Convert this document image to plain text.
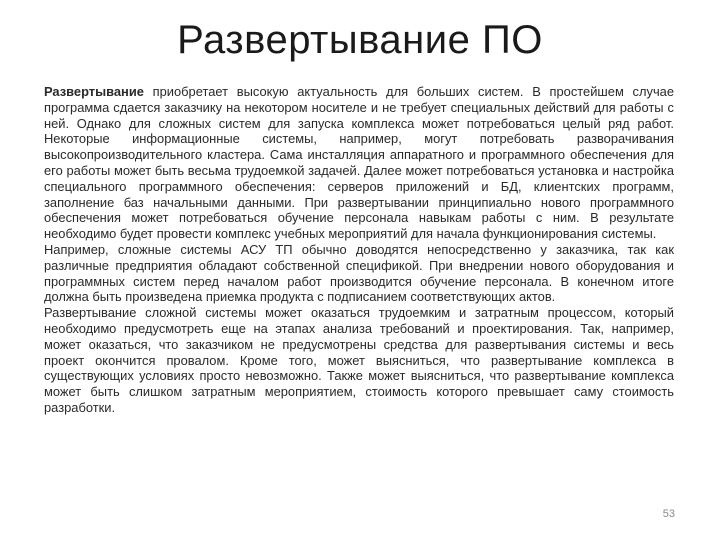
Развертывание ПО

Развертывание приобретает высокую актуальность для больших систем. В простейшем случае программа сдается заказчику на некотором носителе и не требует специальных действий для работы с ней. Однако для сложных систем для запуска комплекса может потребоваться целый ряд работ. Некоторые информационные системы, например, могут потребовать разворачивания высокопроизводительного кластера. Сама инсталляция аппаратного и программного обеспечения для его работы может быть весьма трудоемкой задачей. Далее может потребоваться установка и настройка специального программного обеспечения: серверов приложений и БД, клиентских программ, заполнение баз начальными данными. При развертывании принципиально нового программного обеспечения может потребоваться обучение персонала навыкам работы с ним. В результате необходимо будет провести комплекс учебных мероприятий для начала функционирования системы.

Например, сложные системы АСУ ТП обычно доводятся непосредственно у заказчика, так как различные предприятия обладают собственной спецификой. При внедрении нового оборудования и программных систем перед началом работ производится обучение персонала. В конечном итоге должна быть произведена приемка продукта с подписанием соответствующих актов.

Развертывание сложной системы может оказаться трудоемким и затратным процессом, который необходимо предусмотреть еще на этапах анализа требований и проектирования. Так, например, может оказаться, что заказчиком не предусмотрены средства для развертывания системы и весь проект окончится провалом. Кроме того, может выясниться, что развертывание комплекса в существующих условиях просто невозможно. Также может выясниться, что развертывание комплекса может быть слишком затратным мероприятием, стоимость которого превышает саму стоимость разработки.

53
